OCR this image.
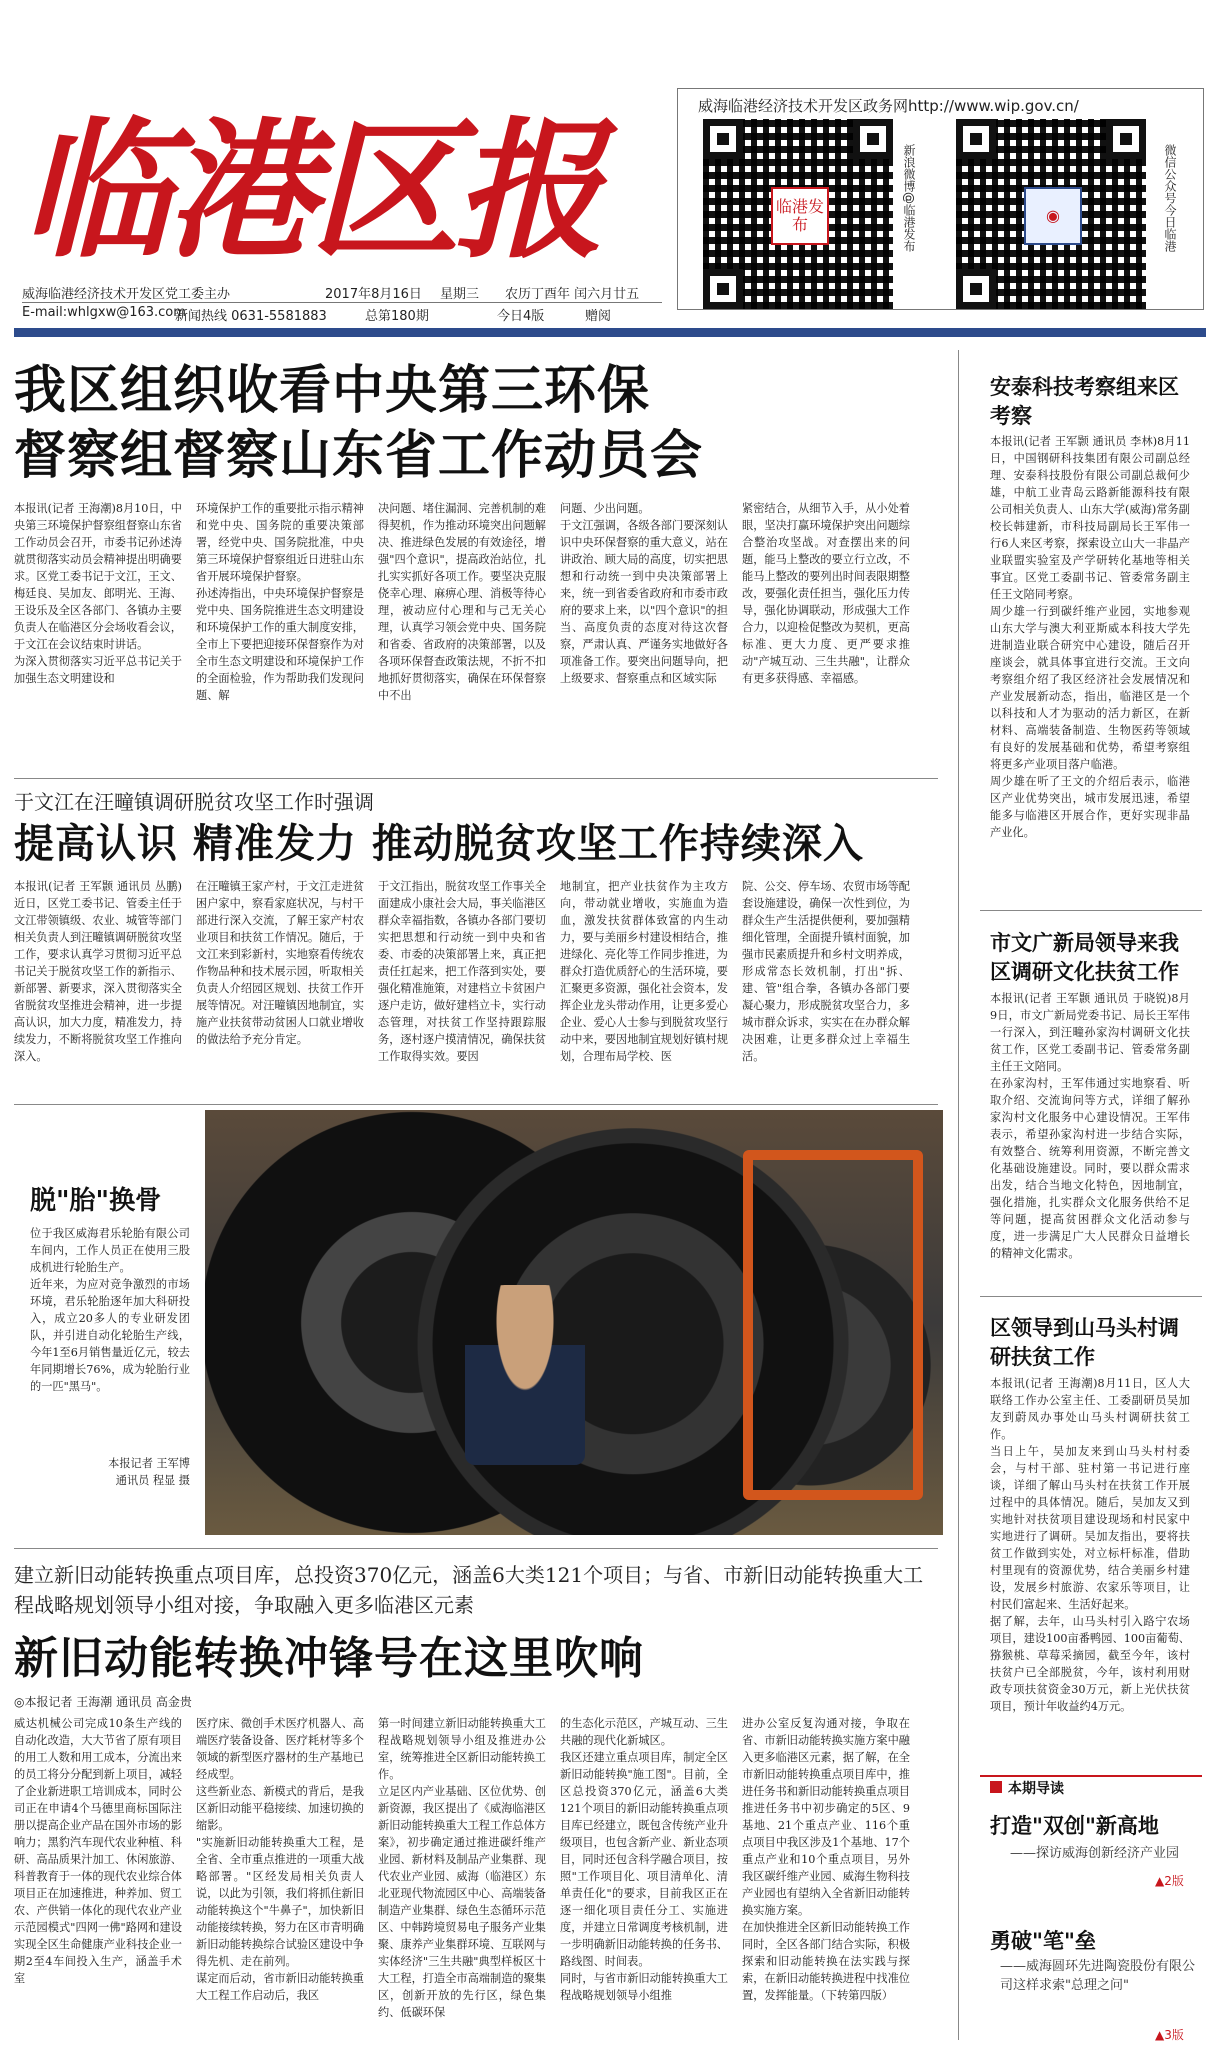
临港区报
威海临港经济技术开发区党工委主办	2017年8月16日 星期三 农历丁酉年 闰六月廿五
E-mail:whlgxw@163.com
新闻热线 0631-5581883	总第180期	今日4版	赠阅
威海临港经济技术开发区政务网http://www.wip.gov.cn/
临港发布	新浪微博@临港发布	◉	微信公众号今日临港
我区组织收看中央第三环保
督察组督察山东省工作动员会
本报讯(记者 王海潮)8月10日，中央第三环境保护督察组督察山东省工作动员会召开，市委书记孙述涛就贯彻落实动员会精神提出明确要求。区党工委书记于文江，王文、梅廷良、吴加友、郎明光、王海、王设乐及全区各部门、各镇办主要负责人在临港区分会场收看会议，于文江在会议结束时讲话。
为深入贯彻落实习近平总书记关于加强生态文明建设和
环境保护工作的重要批示指示精神和党中央、国务院的重要决策部署，经党中央、国务院批准，中央第三环境保护督察组近日进驻山东省开展环境保护督察。
孙述涛指出，中央环境保护督察是党中央、国务院推进生态文明建设和环境保护工作的重大制度安排，全市上下要把迎接环保督察作为对全市生态文明建设和环境保护工作的全面检验，作为帮助我们发现问题、解
决问题、堵住漏洞、完善机制的难得契机，作为推动环境突出问题解决、推进绿色发展的有效途径，增强"四个意识"，提高政治站位，扎扎实实抓好各项工作。要坚决克服侥幸心理、麻痹心理、消极等待心理，被动应付心理和与己无关心理，认真学习领会党中央、国务院和省委、省政府的决策部署，以及各项环保督查政策法规，不折不扣地抓好贯彻落实，确保在环保督察中不出
问题、少出问题。
于文江强调，各级各部门要深刻认识中央环保督察的重大意义，站在讲政治、顾大局的高度，切实把思想和行动统一到中央决策部署上来，统一到省委省政府和市委市政府的要求上来，以"四个意识"的担当、高度负责的态度对待这次督察，严肃认真、严谨务实地做好各项准备工作。要突出问题导向，把上级要求、督察重点和区域实际
紧密结合，从细节入手，从小处着眼，坚决打赢环境保护突出问题综合整治攻坚战。对查摆出来的问题，能马上整改的要立行立改，不能马上整改的要列出时间表限期整改，要强化责任担当，强化压力传导，强化协调联动，形成强大工作合力，以迎检促整改为契机，更高标准、更大力度、更严要求推动"产城互动、三生共融"，让群众有更多获得感、幸福感。
于文江在汪疃镇调研脱贫攻坚工作时强调
提高认识 精准发力 推动脱贫攻坚工作持续深入
本报讯(记者 王军颢 通讯员 丛鹏)近日，区党工委书记、管委主任于文江带领镇级、农业、城管等部门相关负责人到汪疃镇调研脱贫攻坚工作，要求认真学习贯彻习近平总书记关于脱贫攻坚工作的新指示、新部署、新要求，深入贯彻落实全省脱贫攻坚推进会精神，进一步提高认识，加大力度，精准发力，持续发力，不断将脱贫攻坚工作推向深入。
在汪疃镇王家产村，于文江走进贫困户家中，察看家庭状况，与村干部进行深入交流，了解王家产村农业项目和扶贫工作情况。随后，于文江来到彩新村，实地察看传统农作物品种和技术展示园，听取相关负责人介绍园区规划、扶贫工作开展等情况。对汪疃镇因地制宜，实施产业扶贫带动贫困人口就业增收的做法给予充分肯定。
于文江指出，脱贫攻坚工作事关全面建成小康社会大局，事关临港区群众幸福指数，各镇办各部门要切实把思想和行动统一到中央和省委、市委的决策部署上来，真正把责任扛起来，把工作落到实处，要强化精准施策，对建档立卡贫困户逐户走访，做好建档立卡，实行动态管理，对扶贫工作坚持跟踪服务，逐村逐户摸清情况，确保扶贫工作取得实效。要因
地制宜，把产业扶贫作为主攻方向，带动就业增收，实施血为造血，激发扶贫群体致富的内生动力，要与美丽乡村建设相结合，推进绿化、亮化等工作同步推进，为群众打造优质舒心的生活环境，要汇聚更多资源，强化社会资本，发挥企业龙头带动作用，让更多爱心企业、爱心人士参与到脱贫攻坚行动中来，要因地制宜规划好镇村规划，合理布局学校、医
院、公交、停车场、农贸市场等配套设施建设，确保一次性到位，为群众生产生活提供便利，要加强精细化管理，全面提升镇村面貌，加强市民素质提升和乡村文明养成，形成常态长效机制，打出"拆、建、管"组合拳，各镇办各部门要凝心聚力，形成脱贫攻坚合力，多城市群众诉求，实实在在办群众解决困难，让更多群众过上幸福生活。
脱"胎"换骨
位于我区威海君乐轮胎有限公司车间内，工作人员正在使用三股成机进行轮胎生产。
近年来，为应对竞争激烈的市场环境，君乐轮胎逐年加大科研投入，成立20多人的专业研发团队，并引进自动化轮胎生产线，今年1至6月销售量近亿元，较去年同期增长76%，成为轮胎行业的一匹"黑马"。
本报记者 王军博
通讯员 程显 摄
建立新旧动能转换重点项目库，总投资370亿元，涵盖6大类121个项目；与省、市新旧动能转换重大工程战略规划领导小组对接，争取融入更多临港区元素
新旧动能转换冲锋号在这里吹响
◎本报记者 王海潮 通讯员 高金贵
威达机械公司完成10条生产线的自动化改造，大大节省了原有项目的用工人数和用工成本，分流出来的员工将分分配到新上项目，减轻了企业新进职工培训成本，同时公司正在申请4个马德里商标国际注册以提高企业产品在国外市场的影响力；黑豹汽车现代农业种植、科研、高品质果汁加工、休闲旅游、科普教育于一体的现代农业综合体项目正在加速推进，种养加、贸工农、产供销一体化的现代农业产业示范园模式"四网一佛"路网和建设实现全区生命健康产业科技企业一期2至4车间投入生产，涵盖手术室
医疗床、微创手术医疗机器人、高端医疗装备设备、医疗耗材等多个领域的新型医疗器材的生产基地已经成型。
这些新业态、新模式的背后，是我区新旧动能平稳接续、加速切换的缩影。
"实施新旧动能转换重大工程，是全省、全市重点推进的一项重大战略部署。"区经发局相关负责人说，以此为引领，我们将抓住新旧动能转换这个"牛鼻子"，加快新旧动能接续转换，努力在区市青明确新旧动能转换综合试验区建设中争得先机、走在前列。
谋定而后动，省市新旧动能转换重大工程工作启动后，我区
第一时间建立新旧动能转换重大工程战略规划领导小组及推进办公室，统筹推进全区新旧动能转换工作。
立足区内产业基础、区位优势、创新资源，我区提出了《威海临港区新旧动能转换重大工程工作总体方案》，初步确定通过推进碳纤维产业园、新材料及制品产业集群、现代农业产业园、威海（临港区）东北亚现代物流园区中心、高端装备制造产业集群、绿色生态循环示范区、中韩跨境贸易电子服务产业集聚、康养产业集群环境、互联网与实体经济"三生共融"典型样板区十大工程，打造全市高端制造的聚集区，创新开放的先行区，绿色集约、低碳环保
的生态化示范区，产城互动、三生共融的现代化新城区。
我区还建立重点项目库，制定全区新旧动能转换"施工图"。目前，全区总投资370亿元，涵盖6大类121个项目的新旧动能转换重点项目库已经建立，既包含传统产业升级项目，也包含新产业、新业态项目，同时还包含科学融合项目，按照"工作项目化、项目清单化、清单责任化"的要求，目前我区正在逐一细化项目责任分工、实施进度，并建立日常调度考核机制，进一步明确新旧动能转换的任务书、路线图、时间表。
同时，与省市新旧动能转换重大工程战略规划领导小组推
进办公室反复沟通对接，争取在省、市新旧动能转换实施方案中融入更多临港区元素，据了解，在全市新旧动能转换重点项目库中，推进任务书和新旧动能转换重点项目推进任务书中初步确定的5区、9基地、21个重点产业、116个重点项目中我区涉及1个基地、17个重点产业和10个重点项目，另外我区碳纤维产业园、威海生物科技产业园也有望纳入全省新旧动能转换实施方案。
在加快推进全区新旧动能转换工作同时，全区各部门结合实际，积极探索和旧动能转换在法实践与探索，在新旧动能转换进程中找准位置，发挥能量。（下转第四版）
安泰科技考察组来区考察
本报讯(记者 王军颢 通讯员 李林)8月11日，中国钢研科技集团有限公司副总经理、安泰科技股份有限公司副总裁何少雄，中航工业青岛云路新能源科技有限公司相关负责人、山东大学(威海)常务副校长韩建新，市科技局副局长王军伟一行6人来区考察，探索设立山大一非晶产业联盟实验室及产学研转化基地等相关事宜。区党工委副书记、管委常务副主任王文陪同考察。
周少雄一行到碳纤维产业园，实地参观山东大学与澳大利亚斯威本科技大学先进制造业联合研究中心建设，随后召开座谈会，就具体事宜进行交流。王文向考察组介绍了我区经济社会发展情况和产业发展新动态，指出，临港区是一个以科技和人才为驱动的活力新区，在新材料、高端装备制造、生物医药等领域有良好的发展基础和优势，希望考察组将更多产业项目落户临港。
周少雄在听了王文的介绍后表示，临港区产业优势突出，城市发展迅速，希望能多与临港区开展合作，更好实现非晶产业化。
市文广新局领导来我区调研文化扶贫工作
本报讯(记者 王军颢 通讯员 于晓锐)8月9日，市文广新局党委书记、局长王军伟一行深入，到汪疃孙家沟村调研文化扶贫工作，区党工委副书记、管委常务副主任王文陪同。
在孙家沟村，王军伟通过实地察看、听取介绍、交流询问等方式，详细了解孙家沟村文化服务中心建设情况。王军伟表示，希望孙家沟村进一步结合实际，有效整合、统筹利用资源，不断完善文化基础设施建设。同时，要以群众需求出发，结合当地文化特色，因地制宜，强化措施，扎实群众文化服务供给不足等问题，提高贫困群众文化活动参与度，进一步满足广大人民群众日益增长的精神文化需求。
区领导到山马头村调研扶贫工作
本报讯(记者 王海潮)8月11日，区人大联络工作办公室主任、工委副研员吴加友到蔚凤办事处山马头村调研扶贫工作。
当日上午，吴加友来到山马头村村委会，与村干部、驻村第一书记进行座谈，详细了解山马头村在扶贫工作开展过程中的具体情况。随后，吴加友又到实地针对扶贫项目建设现场和村民家中实地进行了调研。吴加友指出，要将扶贫工作做到实处，对立标杆标准，借助村里现有的资源优势，结合美丽乡村建设，发展乡村旅游、农家乐等项目，让村民们富起来、生活好起来。
据了解，去年，山马头村引入路宁农场项目，建设100亩番鸭园、100亩葡萄、猕猴桃、草莓采摘园，截至今年，该村扶贫户已全部脱贫，今年，该村利用财政专项扶贫资金30万元，新上光伏扶贫项目，预计年收益约4万元。
本期导读
打造"双创"新高地
——探访威海创新经济产业园
▲2版
勇破"笔"垒
——威海圆环先进陶瓷股份有限公司这样求索"总理之问"
▲3版
